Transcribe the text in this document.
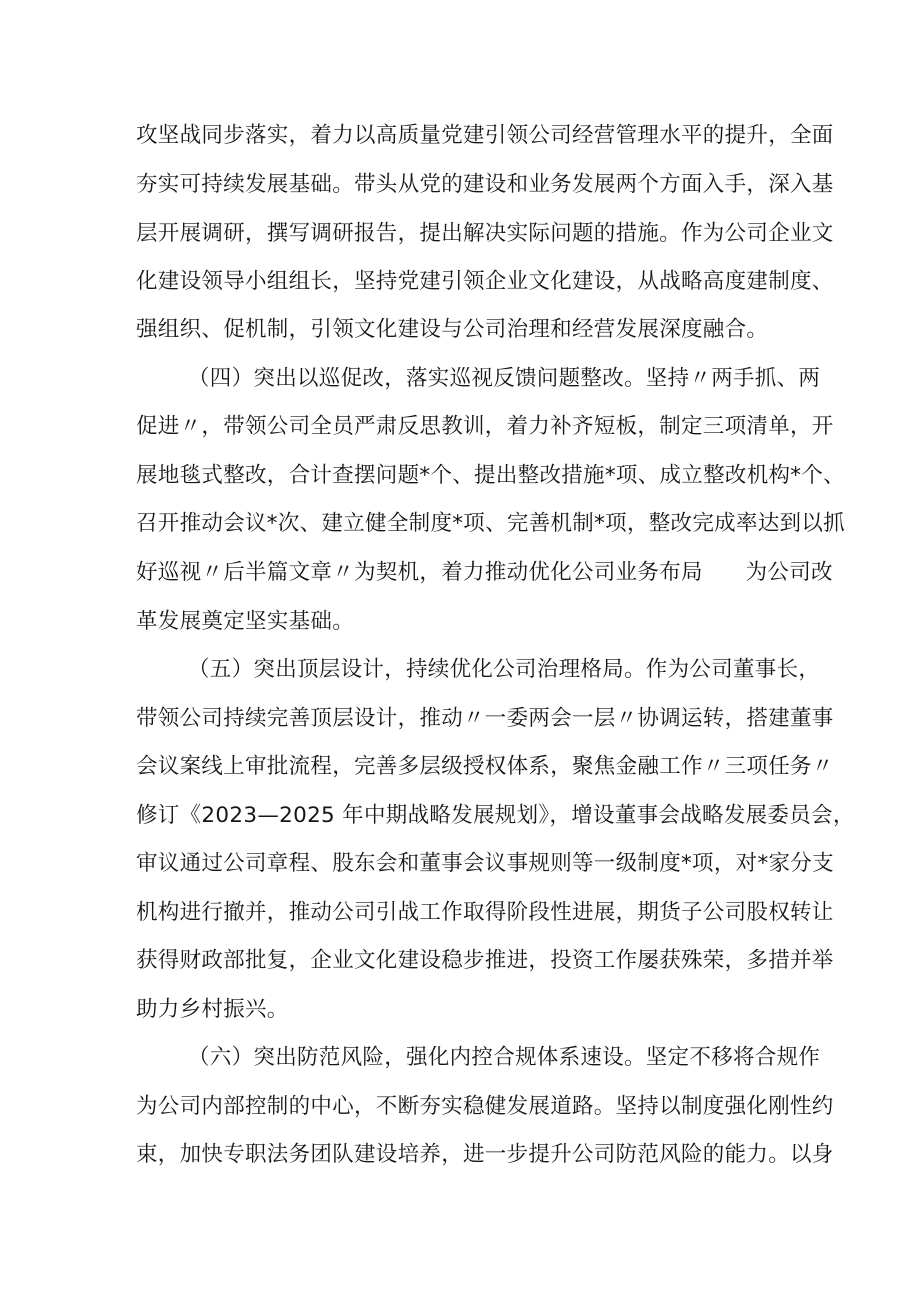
攻坚战同步落实，着力以高质量党建引领公司经营管理水平的提升，全面

夯实可持续发展基础。带头从党的建设和业务发展两个方面入手，深入基

层开展调研，撰写调研报告，提出解决实际问题的措施。作为公司企业文

化建设领导小组组长，坚持党建引领企业文化建设，从战略高度建制度、

强组织、促机制，引领文化建设与公司治理和经营发展深度融合。

（四）突出以巡促改，落实巡视反馈问题整改。坚持〃两手抓、两

促进〃，带领公司全员严肃反思教训，着力补齐短板，制定三项清单，开

展地毯式整改，合计查摆问题*个、提出整改措施*项、成立整改机构*个、

召开推动会议*次、建立健全制度*项、完善机制*项，整改完成率达到以抓

好巡视〃后半篇文章〃为契机，着力推动优化公司业务布局      为公司改

革发展奠定坚实基础。

（五）突出顶层设计，持续优化公司治理格局。作为公司董事长，

带领公司持续完善顶层设计，推动〃一委两会一层〃协调运转，搭建董事

会议案线上审批流程，完善多层级授权体系，聚焦金融工作〃三项任务〃

修订《2023—2025 年中期战略发展规划》，增设董事会战略发展委员会，

审议通过公司章程、股东会和董事会议事规则等一级制度*项，对*家分支

机构进行撤并，推动公司引战工作取得阶段性进展，期货子公司股权转让

获得财政部批复，企业文化建设稳步推进，投资工作屡获殊荣，多措并举

助力乡村振兴。

（六）突出防范风险，强化内控合规体系速设。坚定不移将合规作

为公司内部控制的中心，不断夯实稳健发展道路。坚持以制度强化刚性约

束，加快专职法务团队建设培养，进一步提升公司防范风险的能力。以身
